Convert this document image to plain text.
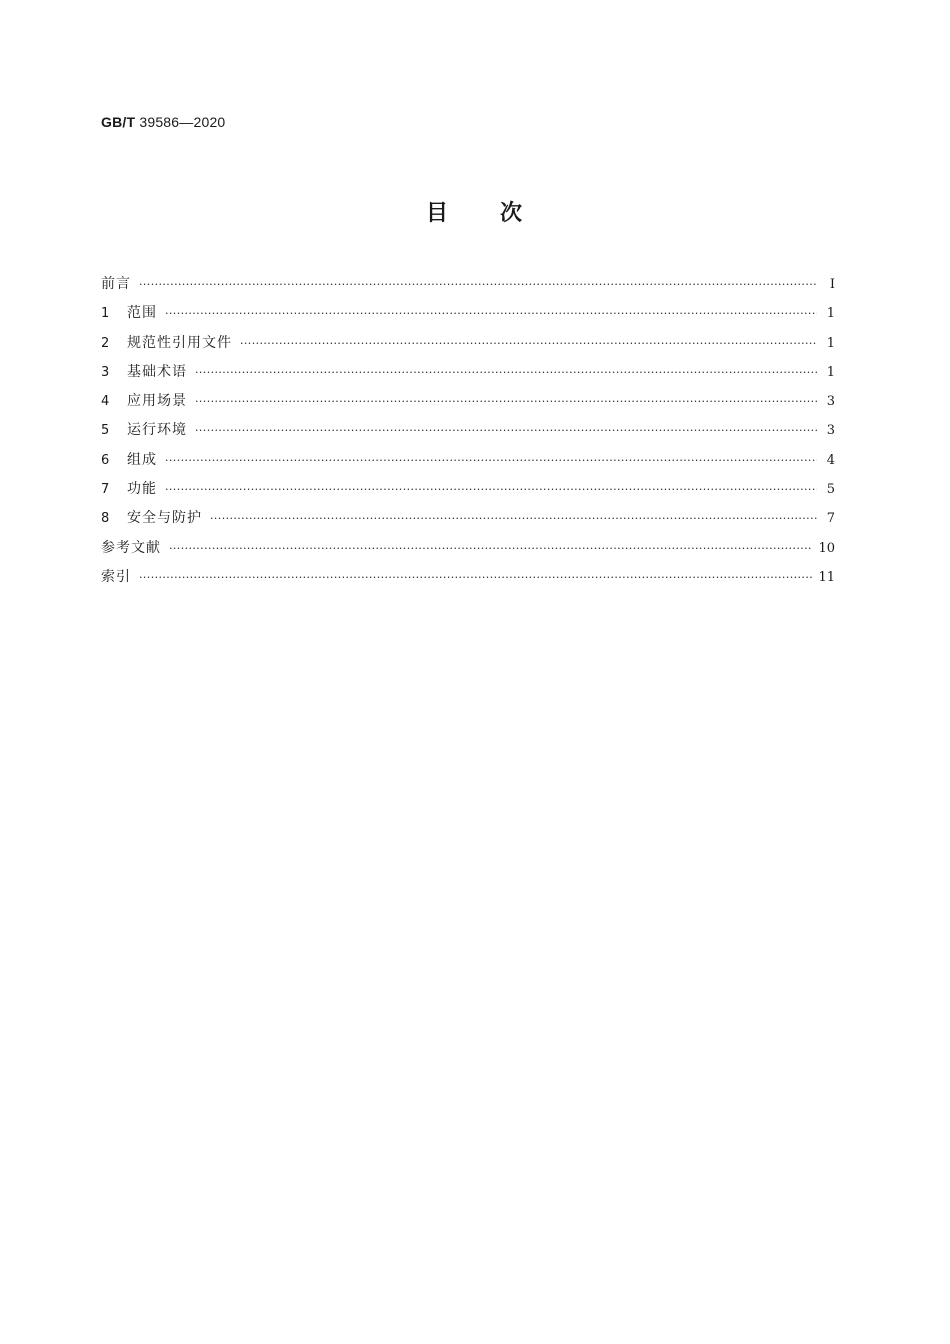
GB/T 39586—2020
目 次
前言 ·····	Ⅰ
1	范围 ·····	1
2	规范性引用文件 ·····	1
3	基础术语 ·····	1
4	应用场景 ·····	3
5	运行环境 ·····	3
6	组成 ·····	4
7	功能 ·····	5
8	安全与防护 ·····	7
参考文献 ·····	10
索引 ·····	11
